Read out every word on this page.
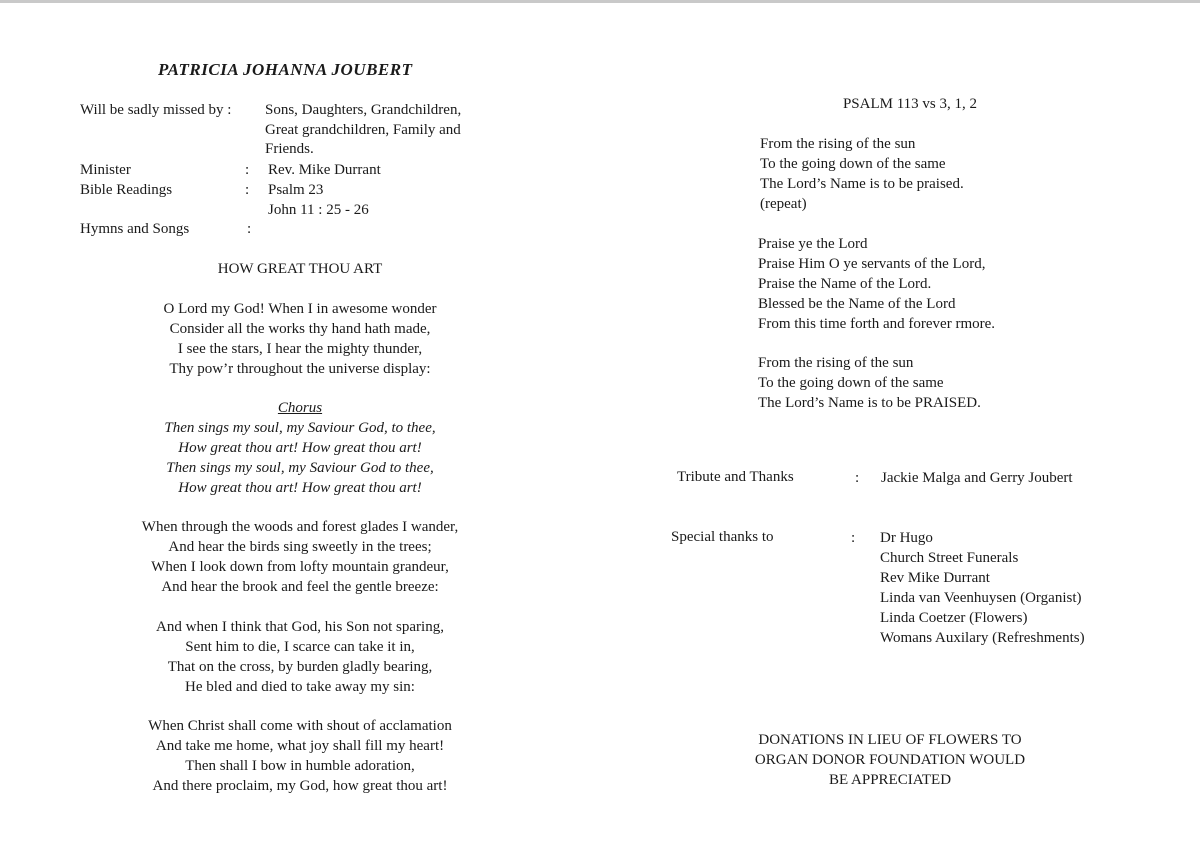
PATRICIA JOHANNA JOUBERT
Will be sadly missed by : Sons, Daughters, Grandchildren,
Great grandchildren, Family and
Friends.
Minister	: Rev. Mike Durrant
Bible Readings	: Psalm 23
John 11 : 25 - 26
Hymns and Songs	:
HOW GREAT THOU ART
O Lord my God! When I in awesome wonder
Consider all the works thy hand hath made,
I see the stars, I hear the mighty thunder,
Thy pow’r throughout the universe display:
Chorus
Then sings my soul, my Saviour God, to thee,
How great thou art! How great thou art!
Then sings my soul, my Saviour God to thee,
How great thou art! How great thou art!
When through the woods and forest glades I wander,
And hear the birds sing sweetly in the trees;
When I look down from lofty mountain grandeur,
And hear the brook and feel the gentle breeze:
And when I think that God, his Son not sparing,
Sent him to die, I scarce can take it in,
That on the cross, by burden gladly bearing,
He bled and died to take away my sin:
When Christ shall come with shout of acclamation
And take me home, what joy shall fill my heart!
Then shall I bow in humble adoration,
And there proclaim, my God, how great thou art!
PSALM 113 vs 3, 1, 2
From the rising of the sun
To the going down of the same
The Lord’s Name is to be praised.
(repeat)
Praise ye the Lord
Praise Him O ye servants of the Lord,
Praise the Name of the Lord.
Blessed be the Name of the Lord
From this time forth and forever rmore.
From the rising of the sun
To the going down of the same
The Lord’s Name is to be PRAISED.
Tribute and Thanks	: Jackie Malga and Gerry Joubert
Special thanks to	: Dr Hugo
Church Street Funerals
Rev Mike Durrant
Linda van Veenhuysen (Organist)
Linda Coetzer (Flowers)
Womans Auxilary (Refreshments)
DONATIONS IN LIEU OF FLOWERS TO
ORGAN DONOR FOUNDATION WOULD
BE APPRECIATED
